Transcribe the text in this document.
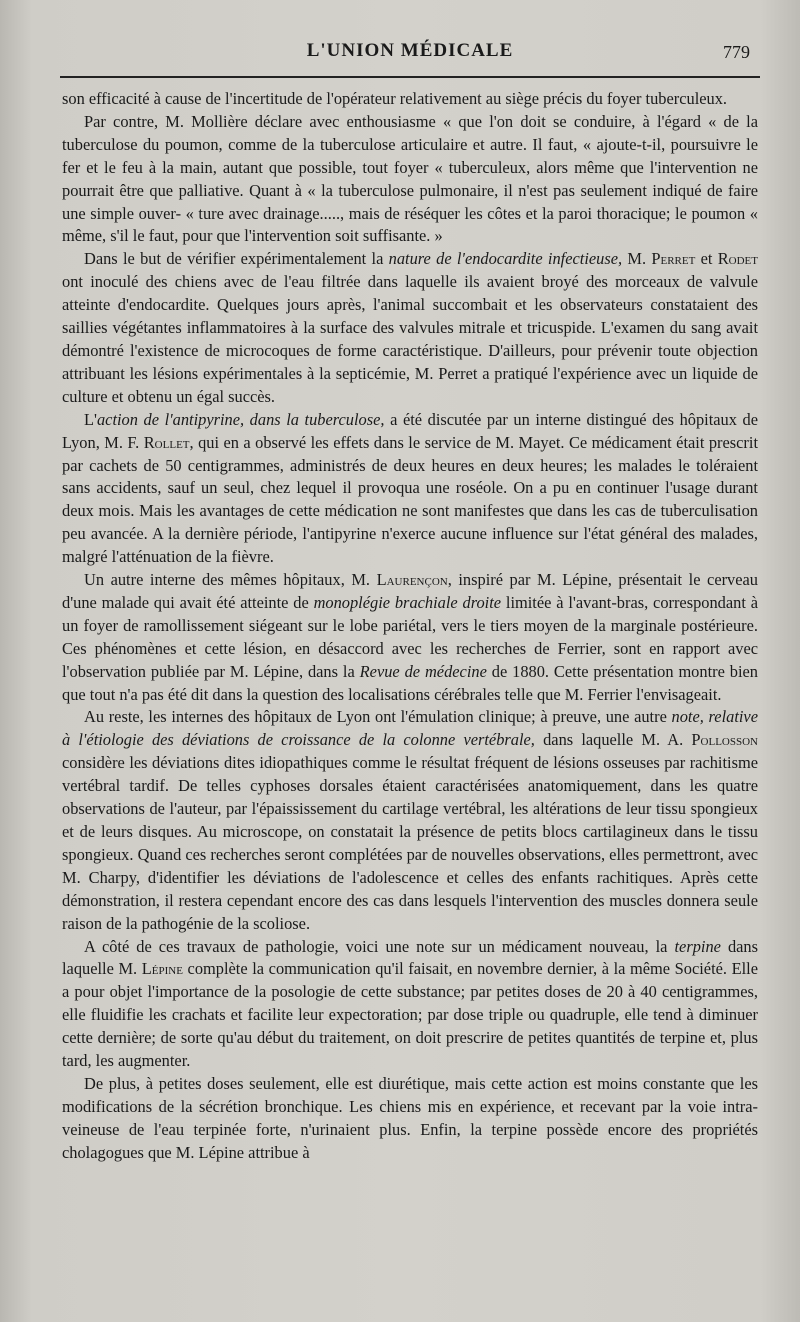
L'UNION MÉDICALE	779

son efficacité à cause de l'incertitude de l'opérateur relativement au siège précis du foyer tuberculeux.

Par contre, M. Mollière déclare avec enthousiasme « que l'on doit se conduire, à l'égard « de la tuberculose du poumon, comme de la tuberculose articulaire et autre. Il faut, « ajoute-t-il, poursuivre le fer et le feu à la main, autant que possible, tout foyer « tuberculeux, alors même que l'intervention ne pourrait être que palliative. Quant à « la tuberculose pulmonaire, il n'est pas seulement indiqué de faire une simple ouver- « ture avec drainage....., mais de réséquer les côtes et la paroi thoracique; le poumon « même, s'il le faut, pour que l'intervention soit suffisante. »

Dans le but de vérifier expérimentalement la nature de l'endocardite infectieuse, M. Perret et Rodet ont inoculé des chiens avec de l'eau filtrée dans laquelle ils avaient broyé des morceaux de valvule atteinte d'endocardite. Quelques jours après, l'animal succombait et les observateurs constataient des saillies végétantes inflammatoires à la surface des valvules mitrale et tricuspide. L'examen du sang avait démontré l'existence de microcoques de forme caractéristique. D'ailleurs, pour prévenir toute objection attribuant les lésions expérimentales à la septicémie, M. Perret a pratiqué l'expérience avec un liquide de culture et obtenu un égal succès.

L'action de l'antipyrine, dans la tuberculose, a été discutée par un interne distingué des hôpitaux de Lyon, M. F. Rollet, qui en a observé les effets dans le service de M. Mayet. Ce médicament était prescrit par cachets de 50 centigrammes, administrés de deux heures en deux heures; les malades le toléraient sans accidents, sauf un seul, chez lequel il provoqua une roséole. On a pu en continuer l'usage durant deux mois. Mais les avantages de cette médication ne sont manifestes que dans les cas de tuberculisation peu avancée. A la dernière période, l'antipyrine n'exerce aucune influence sur l'état général des malades, malgré l'atténuation de la fièvre.

Un autre interne des mêmes hôpitaux, M. Laurençon, inspiré par M. Lépine, présentait le cerveau d'une malade qui avait été atteinte de monoplégie brachiale droite limitée à l'avant-bras, correspondant à un foyer de ramollissement siégeant sur le lobe pariétal, vers le tiers moyen de la marginale postérieure. Ces phénomènes et cette lésion, en désaccord avec les recherches de Ferrier, sont en rapport avec l'observation publiée par M. Lépine, dans la Revue de médecine de 1880. Cette présentation montre bien que tout n'a pas été dit dans la question des localisations cérébrales telle que M. Ferrier l'envisageait.

Au reste, les internes des hôpitaux de Lyon ont l'émulation clinique; à preuve, une autre note, relative à l'étiologie des déviations de croissance de la colonne vertébrale, dans laquelle M. A. Pollosson considère les déviations dites idiopathiques comme le résultat fréquent de lésions osseuses par rachitisme vertébral tardif. De telles cyphoses dorsales étaient caractérisées anatomiquement, dans les quatre observations de l'auteur, par l'épaississement du cartilage vertébral, les altérations de leur tissu spongieux et de leurs disques. Au microscope, on constatait la présence de petits blocs cartilagineux dans le tissu spongieux. Quand ces recherches seront complétées par de nouvelles observations, elles permettront, avec M. Charpy, d'identifier les déviations de l'adolescence et celles des enfants rachitiques. Après cette démonstration, il restera cependant encore des cas dans lesquels l'intervention des muscles donnera seule raison de la pathogénie de la scoliose.

A côté de ces travaux de pathologie, voici une note sur un médicament nouveau, la terpine dans laquelle M. Lépine complète la communication qu'il faisait, en novembre dernier, à la même Société. Elle a pour objet l'importance de la posologie de cette substance; par petites doses de 20 à 40 centigrammes, elle fluidifie les crachats et facilite leur expectoration; par dose triple ou quadruple, elle tend à diminuer cette dernière; de sorte qu'au début du traitement, on doit prescrire de petites quantités de terpine et, plus tard, les augmenter.

De plus, à petites doses seulement, elle est diurétique, mais cette action est moins constante que les modifications de la sécrétion bronchique. Les chiens mis en expérience, et recevant par la voie intra-veineuse de l'eau terpinée forte, n'urinaient plus. Enfin, la terpine possède encore des propriétés cholagogues que M. Lépine attribue à
